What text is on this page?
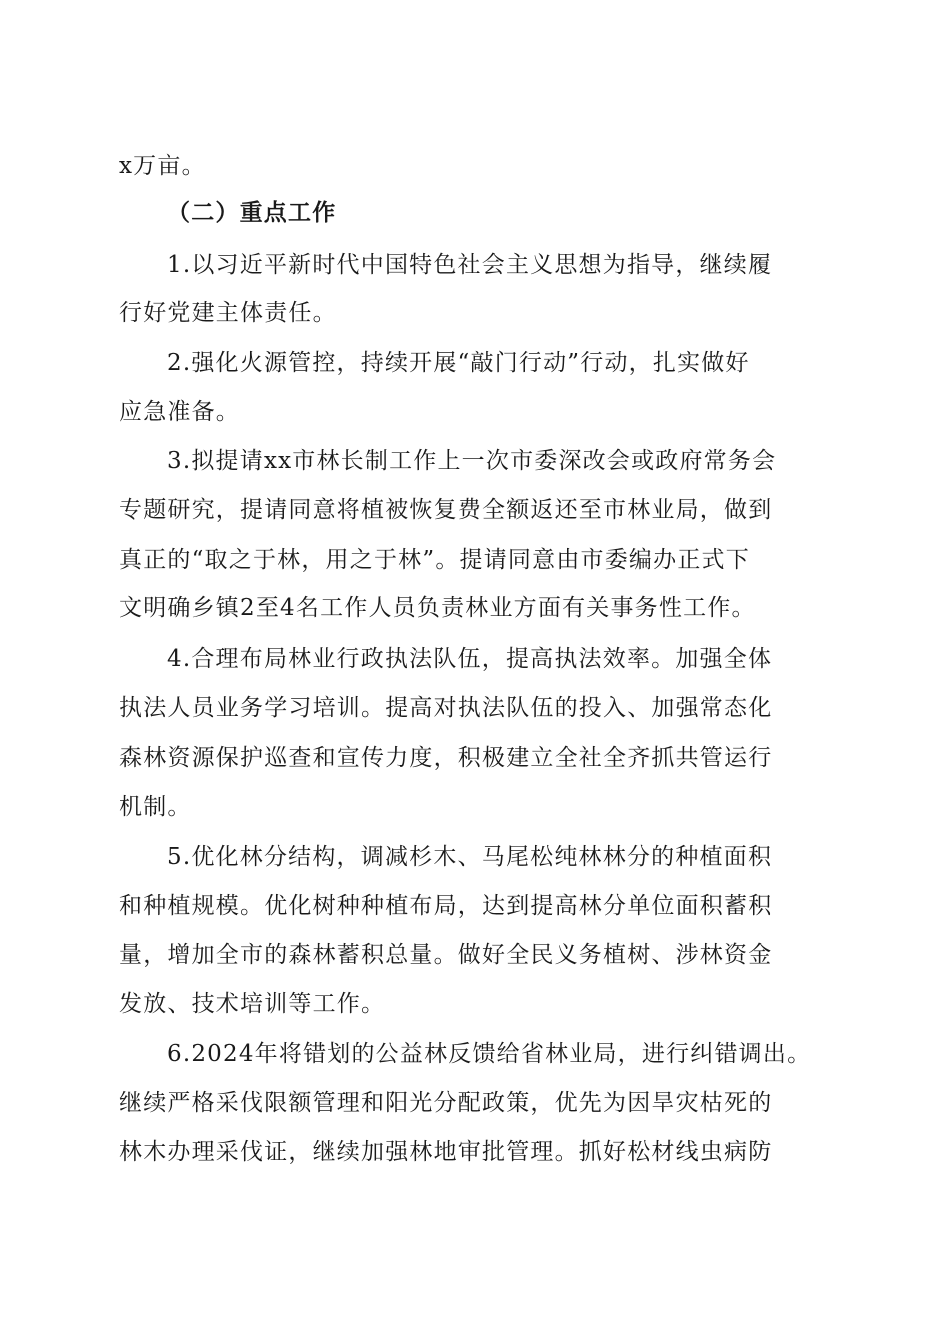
x万亩。
（二）重点工作
1.以习近平新时代中国特色社会主义思想为指导，继续履
行好党建主体责任。
2.强化火源管控，持续开展“敲门行动”行动，扎实做好
应急准备。
3.拟提请xx市林长制工作上一次市委深改会或政府常务会
专题研究，提请同意将植被恢复费全额返还至市林业局，做到
真正的“取之于林，用之于林”。提请同意由市委编办正式下
文明确乡镇2至4名工作人员负责林业方面有关事务性工作。
4.合理布局林业行政执法队伍，提高执法效率。加强全体
执法人员业务学习培训。提高对执法队伍的投入、加强常态化
森林资源保护巡查和宣传力度，积极建立全社全齐抓共管运行
机制。
5.优化林分结构，调减杉木、马尾松纯林林分的种植面积
和种植规模。优化树种种植布局，达到提高林分单位面积蓄积
量，增加全市的森林蓄积总量。做好全民义务植树、涉林资金
发放、技术培训等工作。
6.2024年将错划的公益林反馈给省林业局，进行纠错调出。
继续严格采伐限额管理和阳光分配政策，优先为因旱灾枯死的
林木办理采伐证，继续加强林地审批管理。抓好松材线虫病防
